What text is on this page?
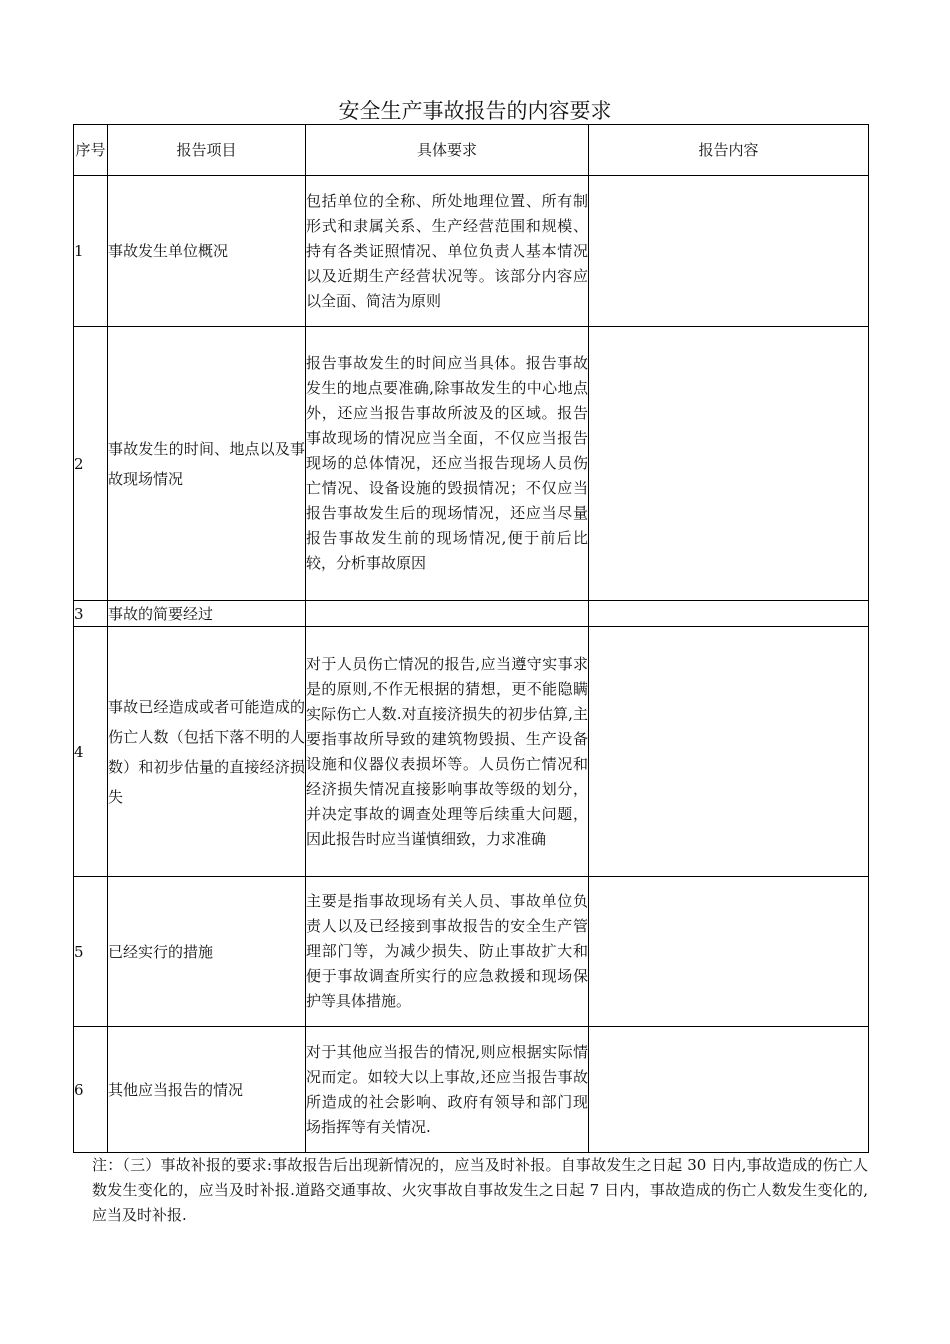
安全生产事故报告的内容要求
序号	报告项目	具体要求	报告内容
1	事故发生单位概况	包括单位的全称、所处地理位置、所有制形式和隶属关系、生产经营范围和规模、持有各类证照情况、单位负责人基本情况以及近期生产经营状况等。该部分内容应以全面、简洁为原则	
2	事故发生的时间、地点以及事故现场情况	报告事故发生的时间应当具体。报告事故发生的地点要准确,除事故发生的中心地点外，还应当报告事故所波及的区域。报告事故现场的情况应当全面，不仅应当报告现场的总体情况，还应当报告现场人员伤亡情况、设备设施的毁损情况；不仅应当报告事故发生后的现场情况，还应当尽量报告事故发生前的现场情况,便于前后比较，分析事故原因	
3	事故的简要经过		
4	事故已经造成或者可能造成的伤亡人数（包括下落不明的人数）和初步估量的直接经济损失	对于人员伤亡情况的报告,应当遵守实事求是的原则,不作无根据的猜想，更不能隐瞒实际伤亡人数.对直接济损失的初步估算,主要指事故所导致的建筑物毁损、生产设备设施和仪器仪表损坏等。人员伤亡情况和经济损失情况直接影响事故等级的划分，并决定事故的调查处理等后续重大问题，因此报告时应当谨慎细致，力求准确	
5	已经实行的措施	主要是指事故现场有关人员、事故单位负责人以及已经接到事故报告的安全生产管理部门等，为减少损失、防止事故扩大和便于事故调查所实行的应急救援和现场保护等具体措施。	
6	其他应当报告的情况	对于其他应当报告的情况,则应根据实际情况而定。如较大以上事故,还应当报告事故所造成的社会影响、政府有领导和部门现场指挥等有关情况.	
注：（三）事故补报的要求:事故报告后出现新情况的，应当及时补报。自事故发生之日起 30 日内,事故造成的伤亡人数发生变化的，应当及时补报.道路交通事故、火灾事故自事故发生之日起 7 日内，事故造成的伤亡人数发生变化的,应当及时补报.
